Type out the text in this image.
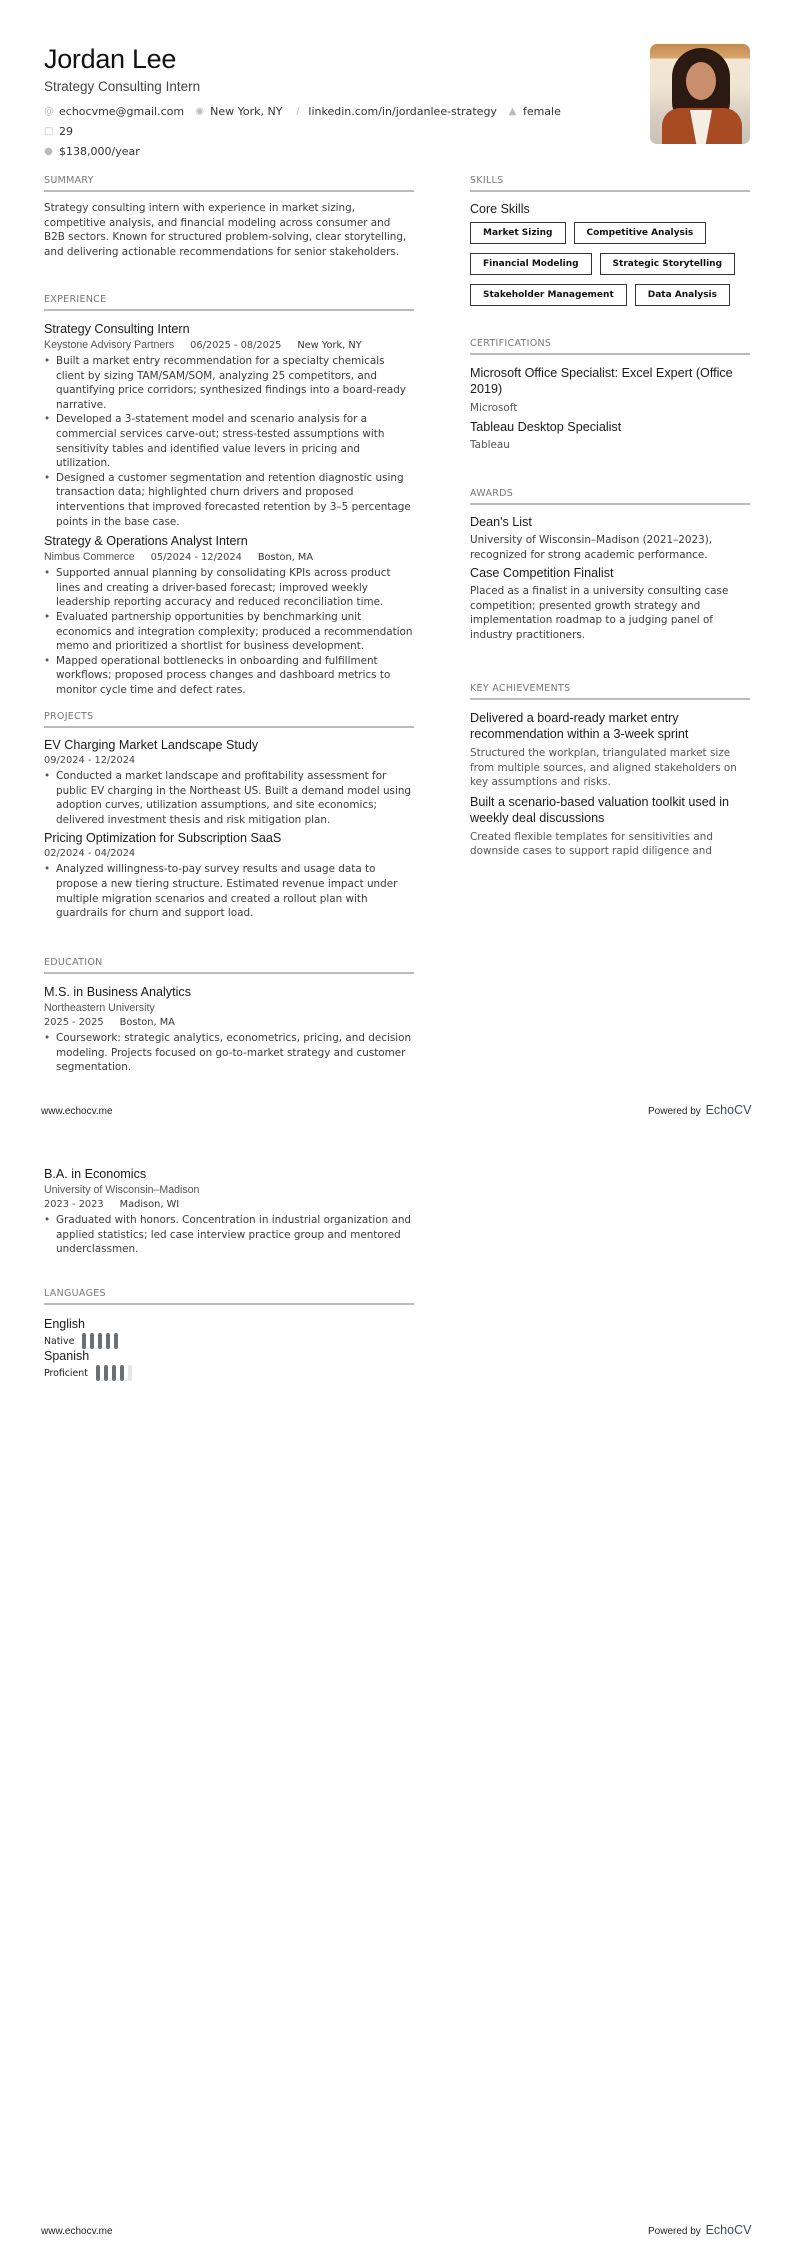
Jordan Lee
Strategy Consulting Intern
@ echocvme@gmail.com ◉ New York, NY ∕ linkedin.com/in/jordanlee-strategy ▲ female
□ 29
● $138,000/year
SUMMARY

Strategy consulting intern with experience in market sizing, competitive analysis, and financial modeling across consumer and B2B sectors. Known for structured problem-solving, clear storytelling, and delivering actionable recommendations for senior stakeholders.

EXPERIENCE
Strategy Consulting Intern
Keystone Advisory Partners 06/2025 - 08/2025 New York, NY
• Built a market entry recommendation for a specialty chemicals client by sizing TAM/SAM/SOM, analyzing 25 competitors, and quantifying price corridors; synthesized findings into a board-ready narrative.
• Developed a 3-statement model and scenario analysis for a commercial services carve-out; stress-tested assumptions with sensitivity tables and identified value levers in pricing and utilization.
• Designed a customer segmentation and retention diagnostic using transaction data; highlighted churn drivers and proposed interventions that improved forecasted retention by 3–5 percentage points in the base case.
Strategy & Operations Analyst Intern
Nimbus Commerce 05/2024 - 12/2024 Boston, MA
• Supported annual planning by consolidating KPIs across product lines and creating a driver-based forecast; improved weekly leadership reporting accuracy and reduced reconciliation time.
• Evaluated partnership opportunities by benchmarking unit economics and integration complexity; produced a recommendation memo and prioritized a shortlist for business development.
• Mapped operational bottlenecks in onboarding and fulfillment workflows; proposed process changes and dashboard metrics to monitor cycle time and defect rates.
PROJECTS
EV Charging Market Landscape Study
09/2024 - 12/2024
• Conducted a market landscape and profitability assessment for public EV charging in the Northeast US. Built a demand model using adoption curves, utilization assumptions, and site economics; delivered investment thesis and risk mitigation plan.
Pricing Optimization for Subscription SaaS
02/2024 - 04/2024
• Analyzed willingness-to-pay survey results and usage data to propose a new tiering structure. Estimated revenue impact under multiple migration scenarios and created a rollout plan with guardrails for churn and support load.
EDUCATION
M.S. in Business Analytics
Northeastern University
2025 - 2025 Boston, MA
• Coursework: strategic analytics, econometrics, pricing, and decision modeling. Projects focused on go-to-market strategy and customer segmentation.
www.echocv.me	Powered by EchoCV
B.A. in Economics
University of Wisconsin–Madison
2023 - 2023 Madison, WI
• Graduated with honors. Concentration in industrial organization and applied statistics; led case interview practice group and mentored underclassmen.
LANGUAGES
English
Native

Spanish
Proficient
SKILLS
Core Skills
Market Sizing	Competitive Analysis
Financial Modeling	Strategic Storytelling
Stakeholder Management	Data Analysis
CERTIFICATIONS
Microsoft Office Specialist: Excel Expert (Office 2019)
Microsoft
Tableau Desktop Specialist
Tableau
AWARDS
Dean's List
University of Wisconsin–Madison (2021–2023), recognized for strong academic performance.
Case Competition Finalist
Placed as a finalist in a university consulting case competition; presented growth strategy and implementation roadmap to a judging panel of industry practitioners.
KEY ACHIEVEMENTS
Delivered a board-ready market entry recommendation within a 3-week sprint
Structured the workplan, triangulated market size from multiple sources, and aligned stakeholders on key assumptions and risks.
Built a scenario-based valuation toolkit used in weekly deal discussions
Created flexible templates for sensitivities and downside cases to support rapid diligence and
www.echocv.me	Powered by EchoCV
